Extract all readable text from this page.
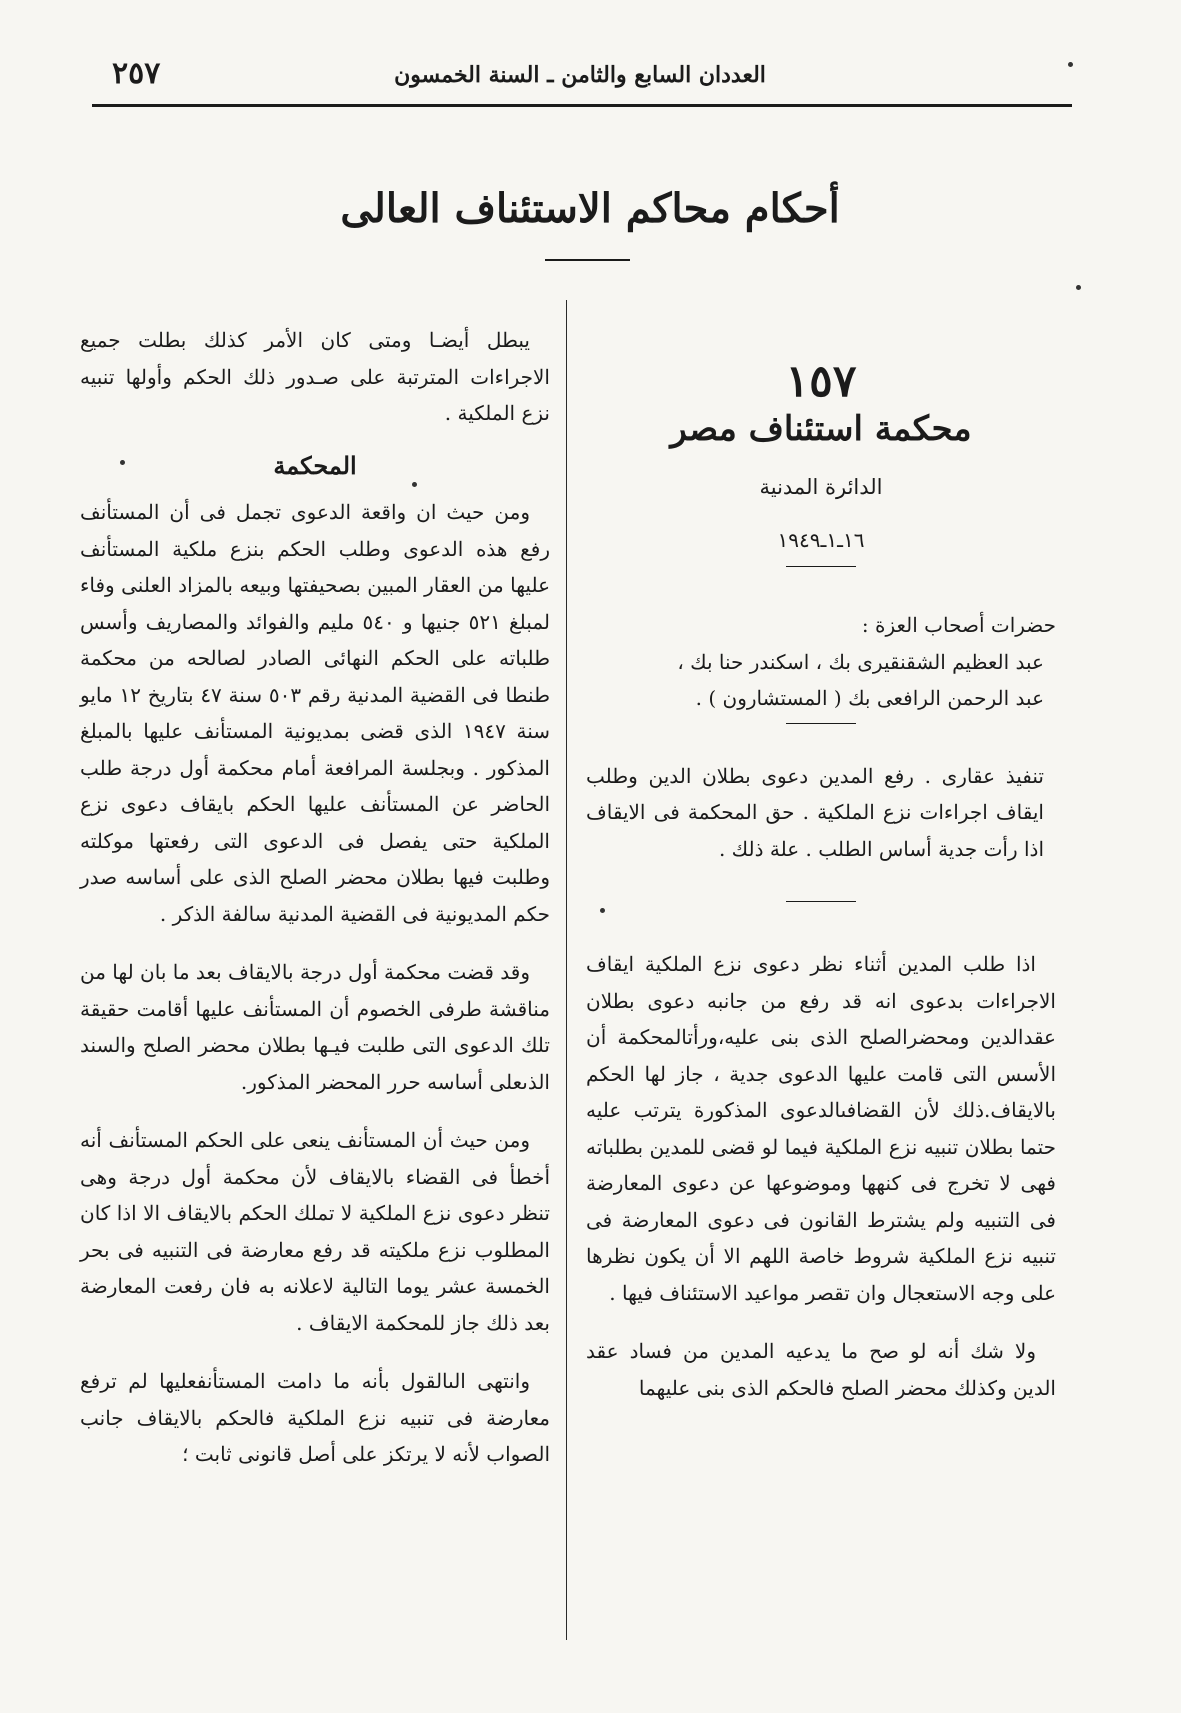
٢٥٧	العددان السابع والثامن ـ السنة الخمسون
أحكام محاكم الاستئناف العالى
١٥٧
محكمة استئناف مصر
الدائرة المدنية
١٦ـ١ـ١٩٤٩

حضرات أصحاب العزة :

عبد العظيم الشقنقيرى بك ، اسكندر حنا بك ،

عبد الرحمن الرافعى بك ( المستشارون ) .

تنفيذ عقارى . رفع المدين دعوى بطلان الدين وطلب ايقاف اجراءات نزع الملكية . حق المحكمة فى الايقاف اذا رأت جدية أساس الطلب . علة ذلك .

اذا طلب المدين أثناء نظر دعوى نزع الملكية ايقاف الاجراءات بدعوى انه قد رفع من جانبه دعوى بطلان عقدالدين ومحضرالصلح الذى بنى عليه،ورأتالمحكمة أن الأسس التى قامت عليها الدعوى جدية ، جاز لها الحكم بالايقاف.ذلك لأن القضافىالدعوى المذكورة يترتب عليه حتما بطلان تنبيه نزع الملكية فيما لو قضى للمدين بطلباته فهى لا تخرج فى كنهها وموضوعها عن دعوى المعارضة فى التنبيه ولم يشترط القانون فى دعوى المعارضة فى تنبيه نزع الملكية شروط خاصة اللهم الا أن يكون نظرها على وجه الاستعجال وان تقصر مواعيد الاستئناف فيها .

ولا شك أنه لو صح ما يدعيه المدين من فساد عقد الدين وكذلك محضر الصلح فالحكم الذى بنى عليهما

يبطل أيضـا ومتى كان الأمر كذلك بطلت جميع الاجراءات المترتبة على صـدور ذلك الحكم وأولها تنبيه نزع الملكية .

المحكمة

ومن حيث ان واقعة الدعوى تجمل فى أن المستأنف رفع هذه الدعوى وطلب الحكم بنزع ملكية المستأنف عليها من العقار المبين بصحيفتها وبيعه بالمزاد العلنى وفاء لمبلغ ٥٢١ جنيها و ٥٤٠ مليم والفوائد والمصاريف وأسس طلباته على الحكم النهائى الصادر لصالحه من محكمة طنطا فى القضية المدنية رقم ٥٠٣ سنة ٤٧ بتاريخ ١٢ مايو سنة ١٩٤٧ الذى قضى بمديونية المستأنف عليها بالمبلغ المذكور . وبجلسة المرافعة أمام محكمة أول درجة طلب الحاضر عن المستأنف عليها الحكم بايقاف دعوى نزع الملكية حتى يفصل فى الدعوى التى رفعتها موكلته وطلبت فيها بطلان محضر الصلح الذى على أساسه صدر حكم المديونية فى القضية المدنية سالفة الذكر .

وقد قضت محكمة أول درجة بالايقاف بعد ما بان لها من مناقشة طرفى الخصوم أن المستأنف عليها أقامت حقيقة تلك الدعوى التى طلبت فيـها بطلان محضر الصلح والسند الذىعلى أساسه حرر المحضر المذكور.

ومن حيث أن المستأنف ينعى على الحكم المستأنف أنه أخطأ فى القضاء بالايقاف لأن محكمة أول درجة وهى تنظر دعوى نزع الملكية لا تملك الحكم بالايقاف الا اذا كان المطلوب نزع ملكيته قد رفع معارضة فى التنبيه فى بحر الخمسة عشر يوما التالية لاعلانه به فان رفعت المعارضة بعد ذلك جاز للمحكمة الايقاف .

وانتهى الىالقول بأنه ما دامت المستأنفعليها لم ترفع معارضة فى تنبيه نزع الملكية فالحكم بالايقاف جانب الصواب لأنه لا يرتكز على أصل قانونى ثابت ؛
